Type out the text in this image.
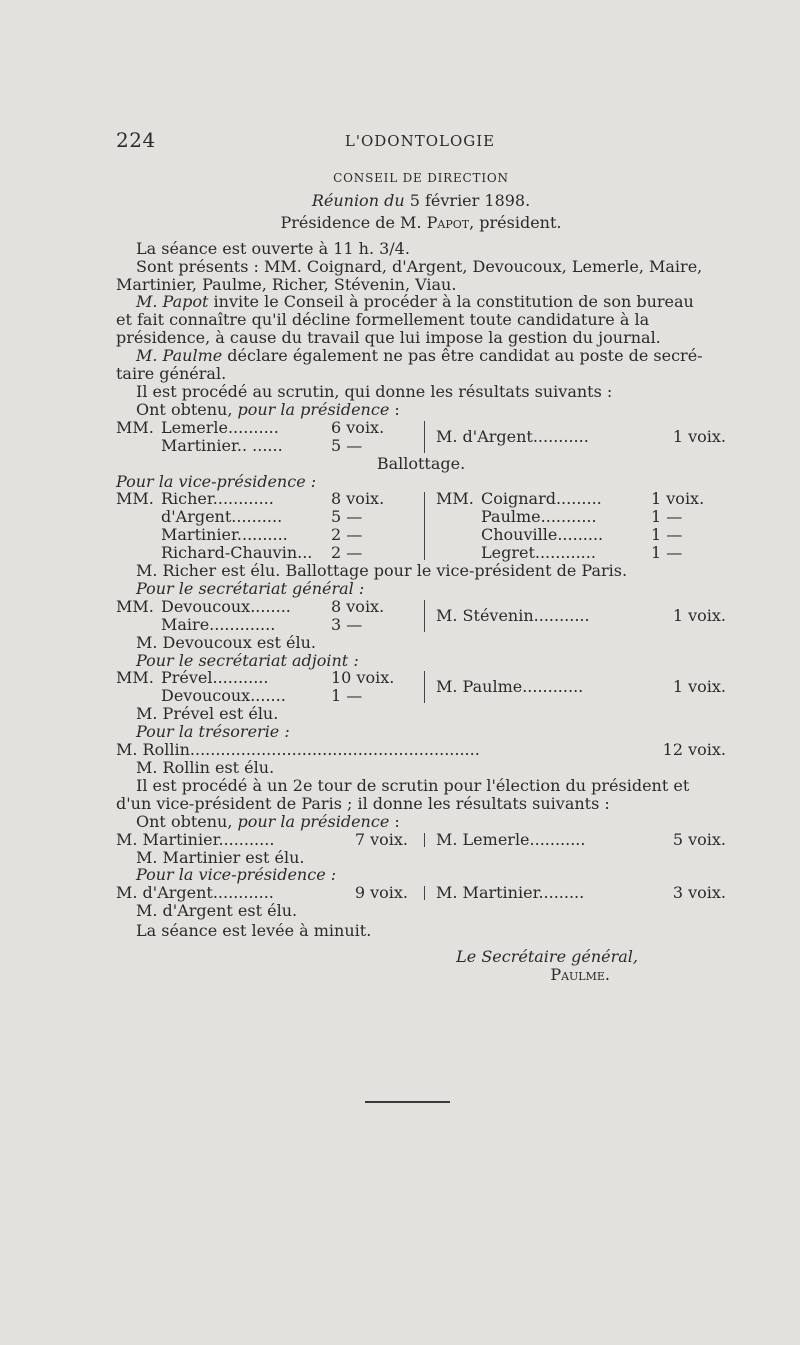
224	L'ODONTOLOGIE
CONSEIL DE DIRECTION
Réunion du 5 février 1898.
Présidence de M. Papot, président.
La séance est ouverte à 11 h. 3/4.
Sont présents : MM. Coignard, d'Argent, Devoucoux, Lemerle, Maire,
Martinier, Paulme, Richer, Stévenin, Viau.
M. Papot invite le Conseil à procéder à la constitution de son bureau
et fait connaître qu'il décline formellement toute candidature à la
présidence, à cause du travail que lui impose la gestion du journal.
M. Paulme déclare également ne pas être candidat au poste de secré-
taire général.
Il est procédé au scrutin, qui donne les résultats suivants :
Ont obtenu, pour la présidence :
MM. Lemerle..........	6 voix.
Martinier.. ......	5 —	M. d'Argent...........	1 voix.
Ballottage.
Pour la vice-présidence :
MM. Richer............	8 voix.
d'Argent..........	5 —
Martinier..........	2 —
Richard-Chauvin...	2 —
MM. Coignard.........	1 voix.
Paulme...........	1 —
Chouville.........	1 —
Legret............	1 —
M. Richer est élu. Ballottage pour le vice-président de Paris.
Pour le secrétariat général :
MM. Devoucoux........	8 voix.
Maire.............	3 —	M. Stévenin...........	1 voix.
M. Devoucoux est élu.
Pour le secrétariat adjoint :
MM. Prével...........	10 voix.
Devoucoux.......	1 —	M. Paulme............	1 voix.
M. Prével est élu.
Pour la trésorerie :
M. Rollin.........................................................	12 voix.
M. Rollin est élu.
Il est procédé à un 2e tour de scrutin pour l'élection du président et
d'un vice-président de Paris ; il donne les résultats suivants :
Ont obtenu, pour la présidence :
M. Martinier...........	7 voix. M. Lemerle...........	5 voix.
M. Martinier est élu.
Pour la vice-présidence :
M. d'Argent............	9 voix. M. Martinier.........	3 voix.
M. d'Argent est élu.
La séance est levée à minuit.
Le Secrétaire général,
Paulme.
